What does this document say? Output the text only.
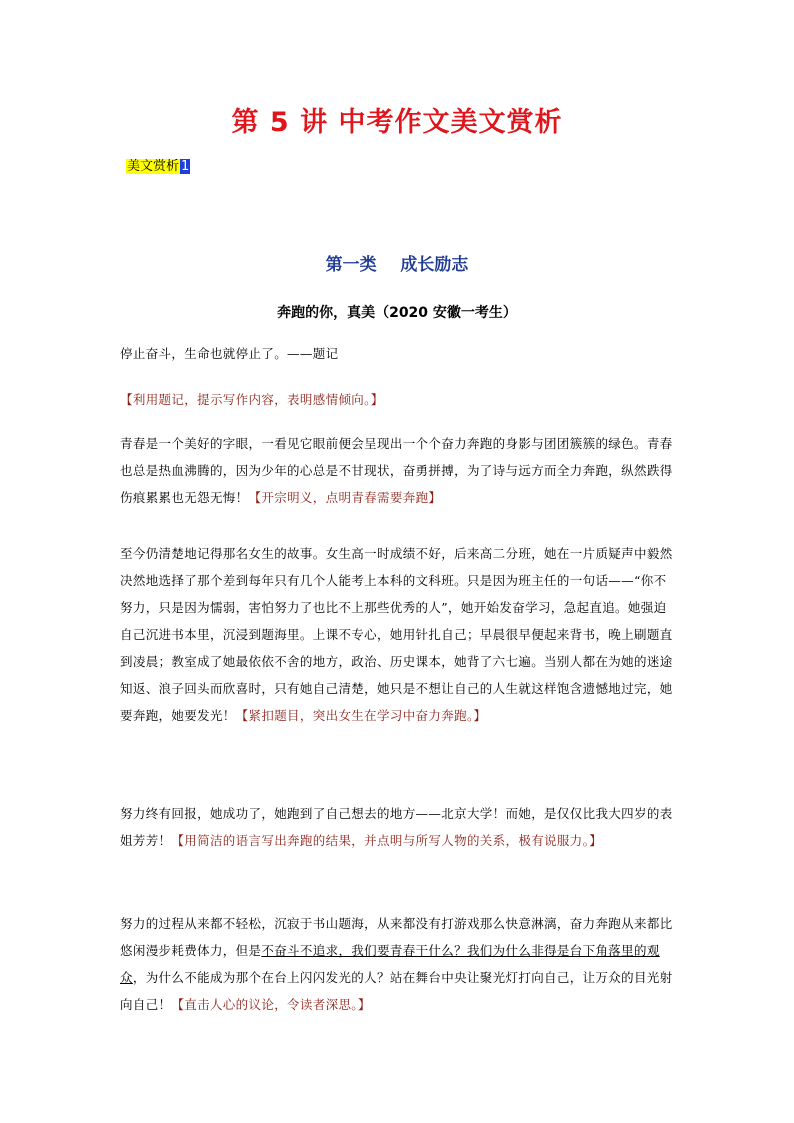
第 5 讲 中考作文美文赏析
美文赏析 1
第一类    成长励志
奔跑的你，真美（2020 安徽一考生）
停止奋斗，生命也就停止了。——题记
【利用题记，提示写作内容，表明感情倾向。】
青春是一个美好的字眼，一看见它眼前便会呈现出一个个奋力奔跑的身影与团团簇簇的绿色。青春也总是热血沸腾的，因为少年的心总是不甘现状，奋勇拼搏，为了诗与远方而全力奔跑，纵然跌得伤痕累累也无怨无悔！【开宗明义，点明青春需要奔跑】
至今仍清楚地记得那名女生的故事。女生高一时成绩不好，后来高二分班，她在一片质疑声中毅然决然地选择了那个差到每年只有几个人能考上本科的文科班。只是因为班主任的一句话——“你不努力，只是因为懦弱，害怕努力了也比不上那些优秀的人”，她开始发奋学习，急起直追。她强迫自己沉进书本里，沉浸到题海里。上课不专心，她用针扎自己；早晨很早便起来背书，晚上刷题直到凌晨；教室成了她最依依不舍的地方，政治、历史课本，她背了六七遍。当别人都在为她的迷途知返、浪子回头而欣喜时，只有她自己清楚，她只是不想让自己的人生就这样饱含遗憾地过完，她要奔跑，她要发光！【紧扣题目，突出女生在学习中奋力奔跑。】
努力终有回报，她成功了，她跑到了自己想去的地方——北京大学！而她，是仅仅比我大四岁的表姐芳芳！【用简洁的语言写出奔跑的结果，并点明与所写人物的关系，极有说服力。】
努力的过程从来都不轻松，沉寂于书山题海，从来都没有打游戏那么快意淋漓，奋力奔跑从来都比悠闲漫步耗费体力，但是不奋斗不追求，我们要青春干什么？我们为什么非得是台下角落里的观众，为什么不能成为那个在台上闪闪发光的人？站在舞台中央让聚光灯打向自己，让万众的目光射向自己！【直击人心的议论，令读者深思。】
